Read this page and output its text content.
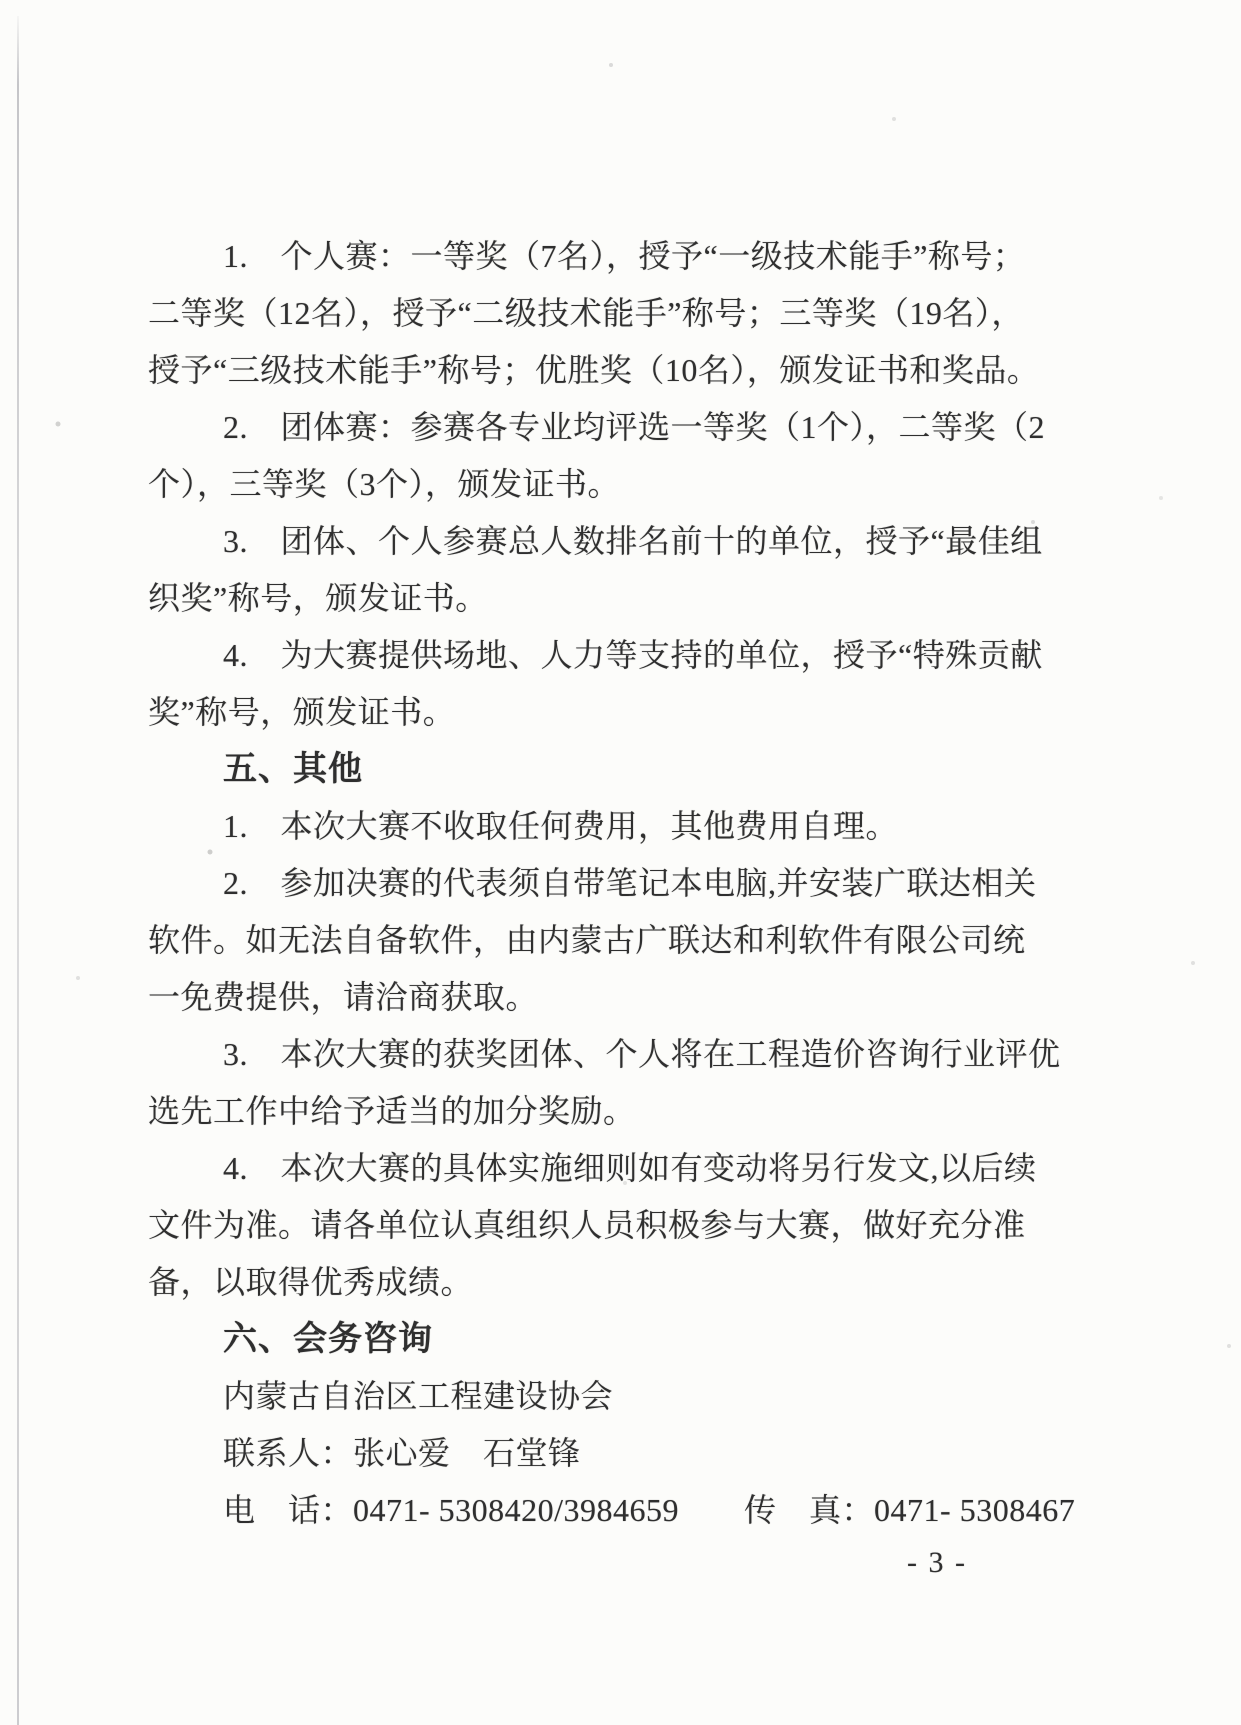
1.　个人赛：一等奖（7名），授予“一级技术能手”称号；
二等奖（12名），授予“二级技术能手”称号；三等奖（19名），
授予“三级技术能手”称号；优胜奖（10名），颁发证书和奖品。
2.　团体赛：参赛各专业均评选一等奖（1个），二等奖（2
个），三等奖（3个），颁发证书。
3.　团体、个人参赛总人数排名前十的单位，授予“最佳组
织奖”称号，颁发证书。
4.　为大赛提供场地、人力等支持的单位，授予“特殊贡献
奖”称号，颁发证书。
五、其他
1.　本次大赛不收取任何费用，其他费用自理。
2.　参加决赛的代表须自带笔记本电脑,并安装广联达相关
软件。如无法自备软件，由内蒙古广联达和利软件有限公司统
一免费提供，请洽商获取。
3.　本次大赛的获奖团体、个人将在工程造价咨询行业评优
选先工作中给予适当的加分奖励。
4.　本次大赛的具体实施细则如有变动将另行发文,以后续
文件为准。请各单位认真组织人员积极参与大赛，做好充分准
备，以取得优秀成绩。
六、会务咨询
内蒙古自治区工程建设协会
联系人：张心爱　石堂锋
电　话：0471- 5308420/3984659　　传　真：0471- 5308467
- 3 -
